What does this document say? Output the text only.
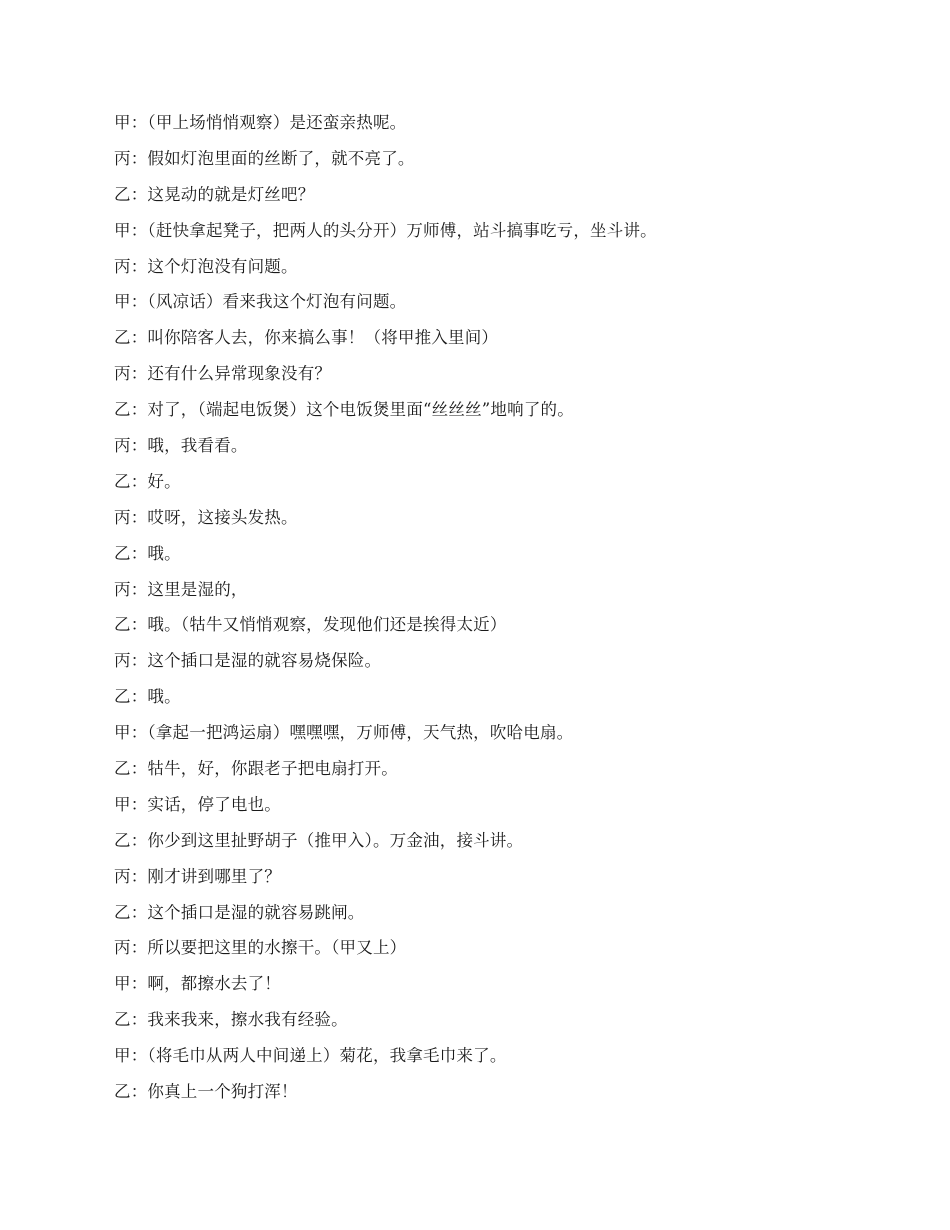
甲：（甲上场悄悄观察）是还蛮亲热呢。
丙：假如灯泡里面的丝断了，就不亮了。
乙：这晃动的就是灯丝吧？
甲：（赶快拿起凳子，把两人的头分开）万师傅，站斗搞事吃亏，坐斗讲。
丙：这个灯泡没有问题。
甲：（风凉话）看来我这个灯泡有问题。
乙：叫你陪客人去，你来搞么事！（将甲推入里间）
丙：还有什么异常现象没有？
乙：对了，（端起电饭煲）这个电饭煲里面“丝丝丝”地响了的。
丙：哦，我看看。
乙：好。
丙：哎呀，这接头发热。
乙：哦。
丙：这里是湿的，
乙：哦。（牯牛又悄悄观察，发现他们还是挨得太近）
丙：这个插口是湿的就容易烧保险。
乙：哦。
甲：（拿起一把鸿运扇）嘿嘿嘿，万师傅，天气热，吹哈电扇。
乙：牯牛，好，你跟老子把电扇打开。
甲：实话，停了电也。
乙：你少到这里扯野胡子（推甲入）。万金油，接斗讲。
丙：刚才讲到哪里了？
乙：这个插口是湿的就容易跳闸。
丙：所以要把这里的水擦干。（甲又上）
甲：啊，都擦水去了！
乙：我来我来，擦水我有经验。
甲：（将毛巾从两人中间递上）菊花，我拿毛巾来了。
乙：你真上一个狗打浑！
